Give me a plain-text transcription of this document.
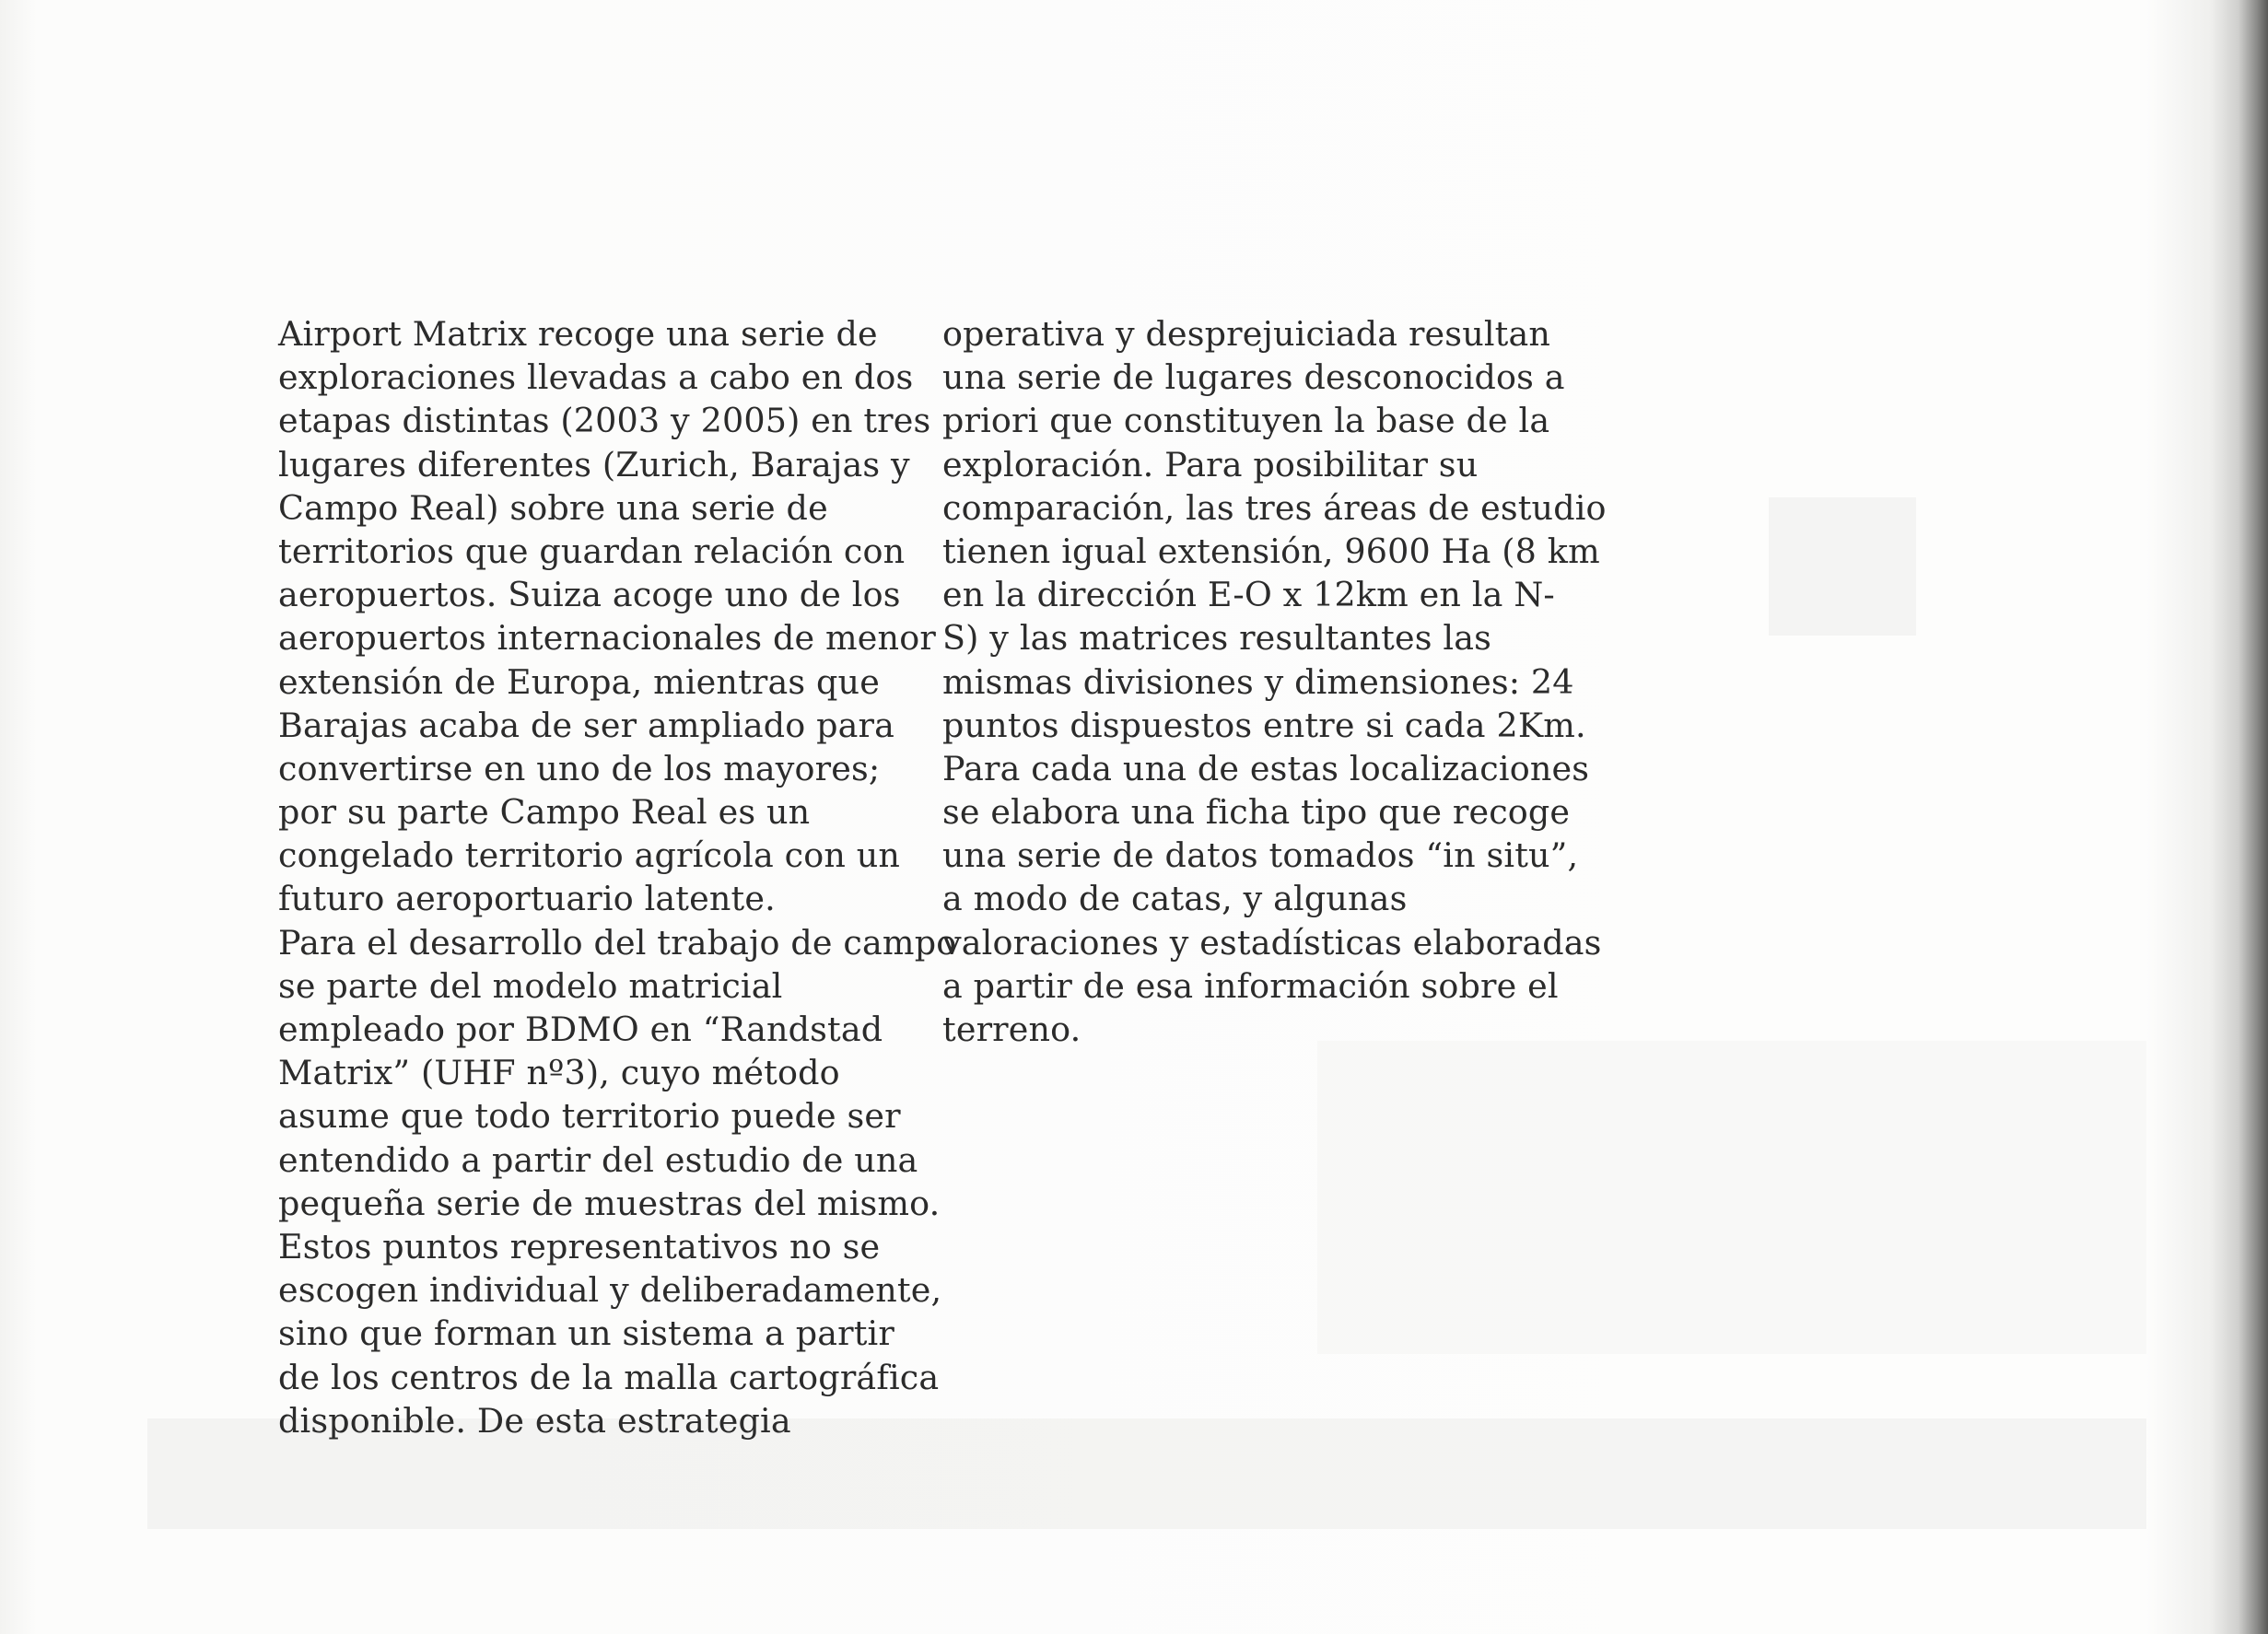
Airport Matrix recoge una serie de
exploraciones llevadas a cabo en dos
etapas distintas (2003 y 2005) en tres
lugares diferentes (Zurich, Barajas y
Campo Real) sobre una serie de
territorios que guardan relación con
aeropuertos. Suiza acoge uno de los
aeropuertos internacionales de menor
extensión de Europa, mientras que
Barajas acaba de ser ampliado para
convertirse en uno de los mayores;
por su parte Campo Real es un
congelado territorio agrícola con un
futuro aeroportuario latente.
Para el desarrollo del trabajo de campo
se parte del modelo matricial
empleado por BDMO en “Randstad
Matrix” (UHF nº3), cuyo método
asume que todo territorio puede ser
entendido a partir del estudio de una
pequeña serie de muestras del mismo.
Estos puntos representativos no se
escogen individual y deliberadamente,
sino que forman un sistema a partir
de los centros de la malla cartográfica
disponible. De esta estrategia
operativa y desprejuiciada resultan
una serie de lugares desconocidos a
priori que constituyen la base de la
exploración. Para posibilitar su
comparación, las tres áreas de estudio
tienen igual extensión, 9600 Ha (8 km
en la dirección E-O x 12km en la N-
S) y las matrices resultantes las
mismas divisiones y dimensiones: 24
puntos dispuestos entre si cada 2Km.
Para cada una de estas localizaciones
se elabora una ficha tipo que recoge
una serie de datos tomados “in situ”,
a modo de catas, y algunas
valoraciones y estadísticas elaboradas
a partir de esa información sobre el
terreno.
